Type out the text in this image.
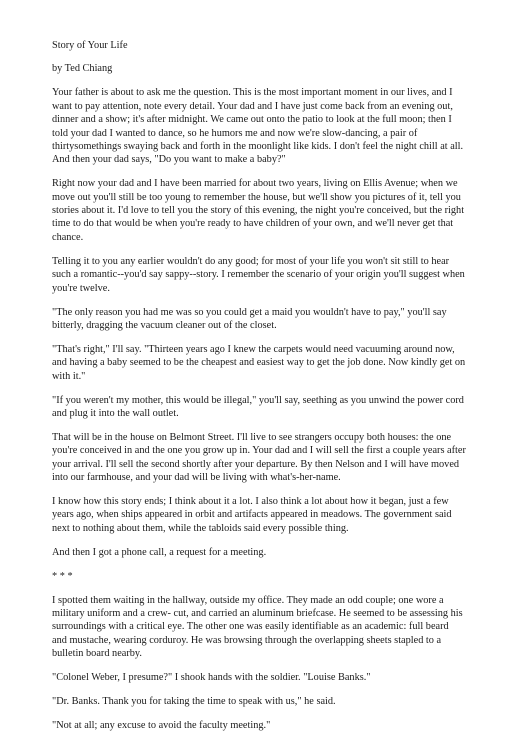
Story of Your Life

by Ted Chiang

Your father is about to ask me the question. This is the most important moment in our lives, and I want to pay attention, note every detail. Your dad and I have just come back from an evening out, dinner and a show; it's after midnight. We came out onto the patio to look at the full moon; then I told your dad I wanted to dance, so he humors me and now we're slow-dancing, a pair of thirtysomethings swaying back and forth in the moonlight like kids. I don't feel the night chill at all. And then your dad says, "Do you want to make a baby?"

Right now your dad and I have been married for about two years, living on Ellis Avenue; when we move out you'll still be too young to remember the house, but we'll show you pictures of it, tell you stories about it. I'd love to tell you the story of this evening, the night you're conceived, but the right time to do that would be when you're ready to have children of your own, and we'll never get that chance.

Telling it to you any earlier wouldn't do any good; for most of your life you won't sit still to hear such a romantic--you'd say sappy--story. I remember the scenario of your origin you'll suggest when you're twelve.

"The only reason you had me was so you could get a maid you wouldn't have to pay," you'll say bitterly, dragging the vacuum cleaner out of the closet.

"That's right," I'll say. "Thirteen years ago I knew the carpets would need vacuuming around now, and having a baby seemed to be the cheapest and easiest way to get the job done. Now kindly get on with it."

"If you weren't my mother, this would be illegal," you'll say, seething as you unwind the power cord and plug it into the wall outlet.

That will be in the house on Belmont Street. I'll live to see strangers occupy both houses: the one you're conceived in and the one you grow up in. Your dad and I will sell the first a couple years after your arrival. I'll sell the second shortly after your departure. By then Nelson and I will have moved into our farmhouse, and your dad will be living with what's-her-name.

I know how this story ends; I think about it a lot. I also think a lot about how it began, just a few years ago, when ships appeared in orbit and artifacts appeared in meadows. The government said next to nothing about them, while the tabloids said every possible thing.

And then I got a phone call, a request for a meeting.

* * *

I spotted them waiting in the hallway, outside my office. They made an odd couple; one wore a military uniform and a crew- cut, and carried an aluminum briefcase. He seemed to be assessing his surroundings with a critical eye. The other one was easily identifiable as an academic: full beard and mustache, wearing corduroy. He was browsing through the overlapping sheets stapled to a bulletin board nearby.

"Colonel Weber, I presume?" I shook hands with the soldier. "Louise Banks."

"Dr. Banks. Thank you for taking the time to speak with us," he said.

"Not at all; any excuse to avoid the faculty meeting."
